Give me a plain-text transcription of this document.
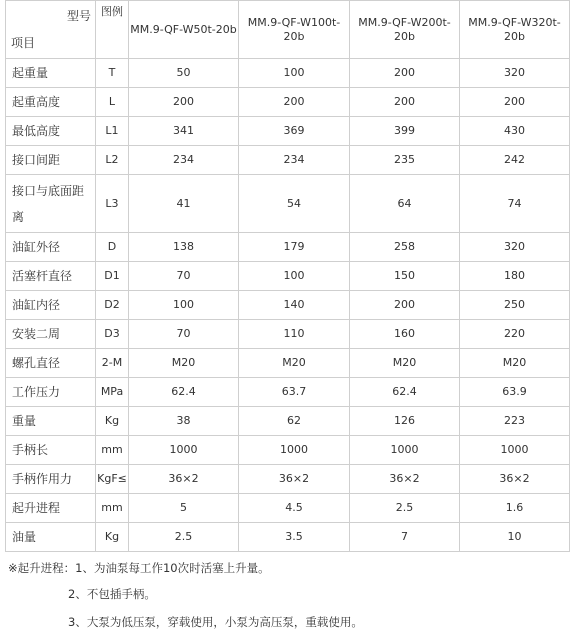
型号
项目	图例	MM.9-QF-W50t-20b	MM.9-QF-W100t-20b	MM.9-QF-W200t-20b	MM.9-QF-W320t-20b
起重量	T	50	100	200	320
起重高度	L	200	200	200	200
最低高度	L1	341	369	399	430
接口间距	L2	234	234	235	242
接口与底面距离	L3	41	54	64	74
油缸外径	D	138	179	258	320
活塞杆直径	D1	70	100	150	180
油缸内径	D2	100	140	200	250
安装二周	D3	70	110	160	220
螺孔直径	2-M	M20	M20	M20	M20
工作压力	MPa	62.4	63.7	62.4	63.9
重量	Kg	38	62	126	223
手柄长	mm	1000	1000	1000	1000
手柄作用力	KgF≤	36×2	36×2	36×2	36×2
起升进程	mm	5	4.5	2.5	1.6
油量	Kg	2.5	3.5	7	10
※起升进程：1、为油泵每工作10次时活塞上升量。
2、不包插手柄。
3、大泵为低压泵，穿载使用，小泵为高压泵，重载使用。
